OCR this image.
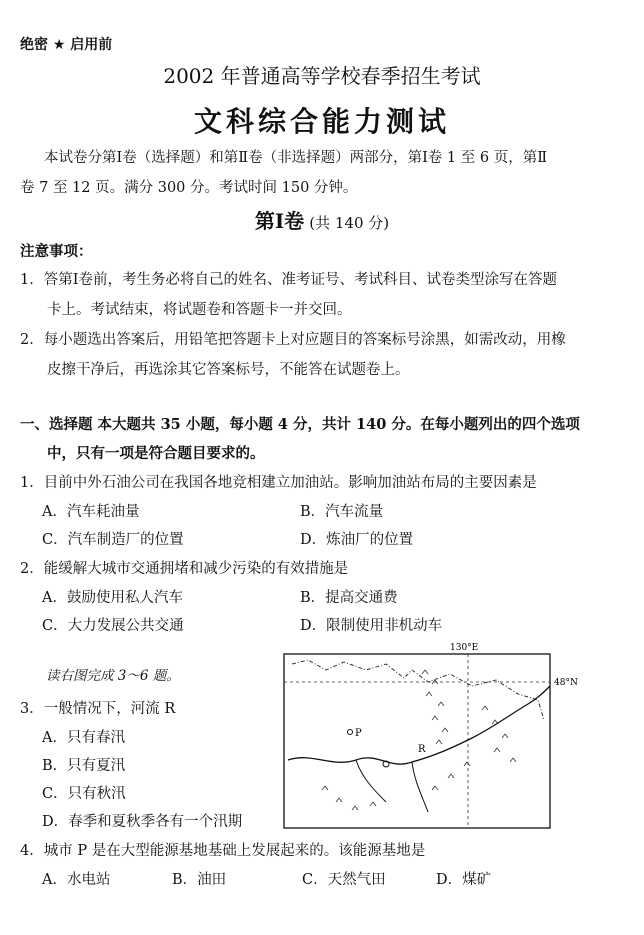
绝密 ★ 启用前
2002 年普通高等学校春季招生考试
文科综合能力测试
本试卷分第Ⅰ卷（选择题）和第Ⅱ卷（非选择题）两部分，第Ⅰ卷 1 至 6 页，第Ⅱ
卷 7 至 12 页。满分 300 分。考试时间 150 分钟。
第Ⅰ卷 (共 140 分)
注意事项：
1．答第Ⅰ卷前，考生务必将自己的姓名、准考证号、考试科目、试卷类型涂写在答题
卡上。考试结束，将试题卷和答题卡一并交回。
2．每小题选出答案后，用铅笔把答题卡上对应题目的答案标号涂黑，如需改动，用橡
皮擦干净后，再选涂其它答案标号，不能答在试题卷上。
一、选择题 本大题共 35 小题，每小题 4 分，共计 140 分。在每小题列出的四个选项
中，只有一项是符合题目要求的。
1．目前中外石油公司在我国各地竞相建立加油站。影响加油站布局的主要因素是
A．汽车耗油量	B．汽车流量
C．汽车制造厂的位置	D．炼油厂的位置
2．能缓解大城市交通拥堵和减少污染的有效措施是
A．鼓励使用私人汽车	B．提高交通费
C．大力发展公共交通	D．限制使用非机动车
读右图完成 3～6 题。
3．一般情况下，河流 R
A．只有春汛
B．只有夏汛
C．只有秋汛
D．春季和夏秋季各有一个汛期
4．城市 P 是在大型能源基地基础上发展起来的。该能源基地是
A．水电站	B．油田	C．天然气田	D．煤矿
P
R
130°E
48°N
